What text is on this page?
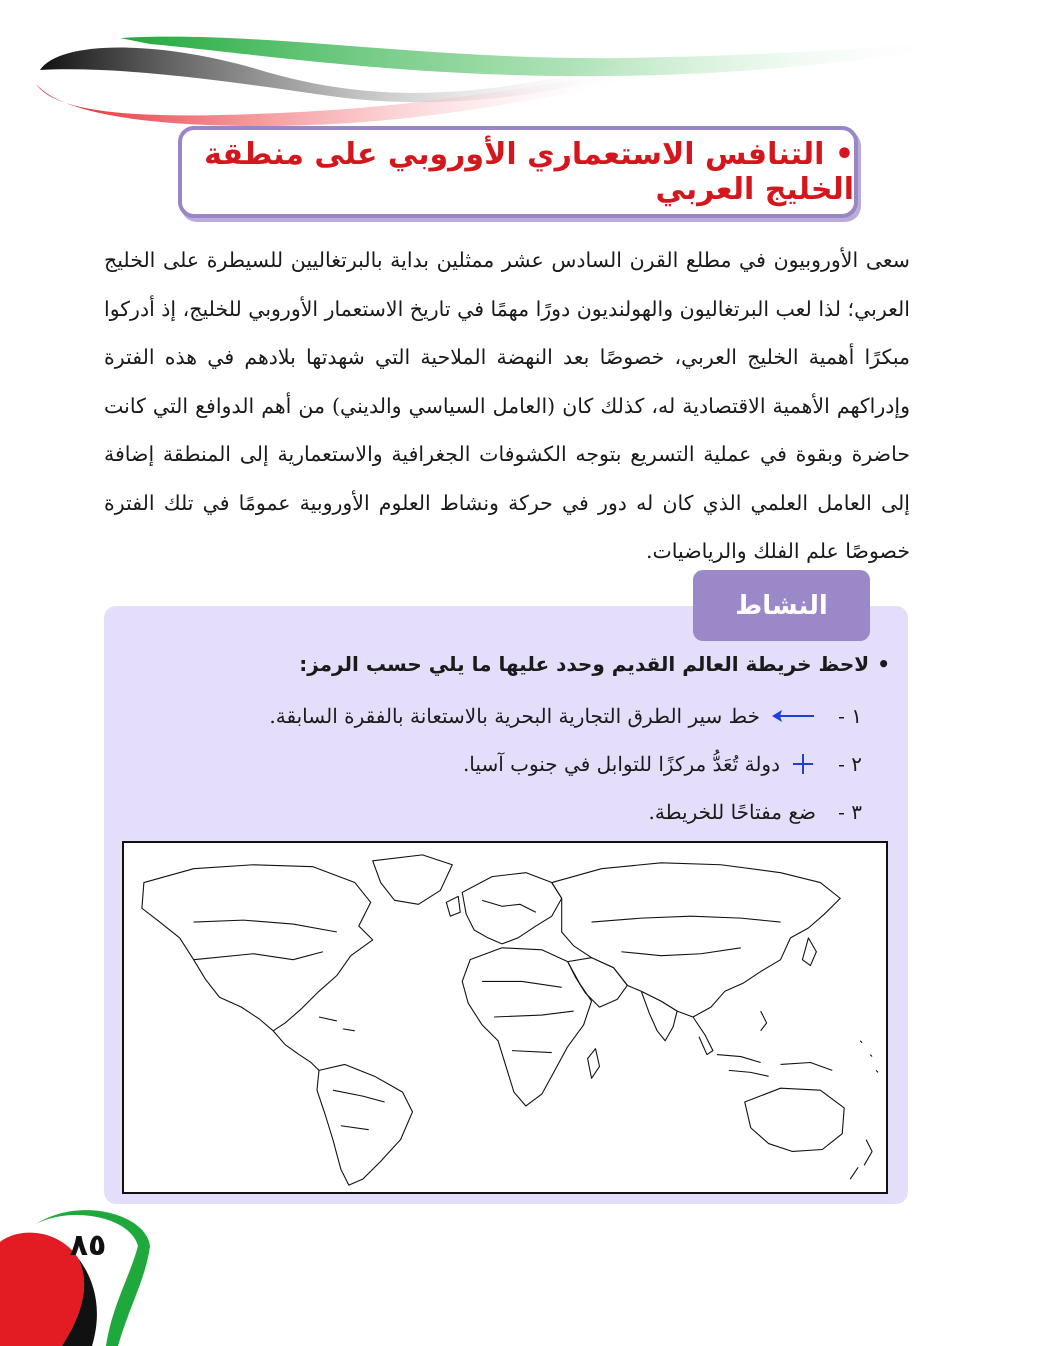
• التنافس الاستعماري الأوروبي على منطقة الخليج العربي

سعى الأوروبيون في مطلع القرن السادس عشر ممثلين بداية بالبرتغاليين للسيطرة على الخليج العربي؛ لذا لعب البرتغاليون والهولنديون دورًا مهمًا في تاريخ الاستعمار الأوروبي للخليج، إذ أدركوا مبكرًا أهمية الخليج العربي، خصوصًا بعد النهضة الملاحية التي شهدتها بلادهم في هذه الفترة وإدراكهم الأهمية الاقتصادية له، كذلك كان (العامل السياسي والديني) من أهم الدوافع التي كانت حاضرة وبقوة في عملية التسريع بتوجه الكشوفات الجغرافية والاستعمارية إلى المنطقة إضافة إلى العامل العلمي الذي كان له دور في حركة ونشاط العلوم الأوروبية عمومًا في تلك الفترة خصوصًا علم الفلك والرياضيات.

النشاط
•لاحظ خريطة العالم القديم وحدد عليها ما يلي حسب الرمز:
١ -
خط سير الطرق التجارية البحرية بالاستعانة بالفقرة السابقة.
٢ -
دولة تُعَدُّ مركزًا للتوابل في جنوب آسيا.
٣ -
ضع مفتاحًا للخريطة.
٨٥
